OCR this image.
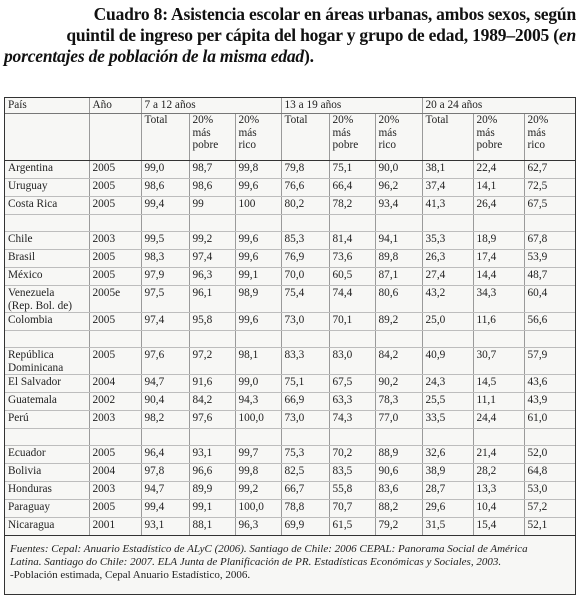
Cuadro 8: Asistencia escolar en áreas urbanas, ambos sexos, según
quintil de ingreso per cápita del hogar y grupo de edad, 1989–2005 (en
porcentajes de población de la misma edad).
País	Año	7 a 12 años			13 a 19 años			20 a 24 años		

		Total	20%
más
pobre	20%
más
rico	Total	20%
más
pobre	20%
más
rico	Total	20%
más
pobre	20%
más
rico

Argentina	2005	99,0	98,7	99,8	79,8	75,1	90,0	38,1	22,4	62,7

Uruguay	2005	98,6	98,6	99,6	76,6	66,4	96,2	37,4	14,1	72,5

Costa Rica	2005	99,4	99	100	80,2	78,2	93,4	41,3	26,4	67,5

Chile	2003	99,5	99,2	99,6	85,3	81,4	94,1	35,3	18,9	67,8

Brasil	2005	98,3	97,4	99,6	76,9	73,6	89,8	26,3	17,4	53,9

México	2005	97,9	96,3	99,1	70,0	60,5	87,1	27,4	14,4	48,7

Venezuela
(Rep. Bol. de)	2005e	97,5	96,1	98,9	75,4	74,4	80,6	43,2	34,3	60,4

Colombia	2005	97,4	95,8	99,6	73,0	70,1	89,2	25,0	11,6	56,6

República
Dominicana	2005	97,6	97,2	98,1	83,3	83,0	84,2	40,9	30,7	57,9

El Salvador	2004	94,7	91,6	99,0	75,1	67,5	90,2	24,3	14,5	43,6

Guatemala	2002	90,4	84,2	94,3	66,9	63,3	78,3	25,5	11,1	43,9

Perú	2003	98,2	97,6	100,0	73,0	74,3	77,0	33,5	24,4	61,0

Ecuador	2005	96,4	93,1	99,7	75,3	70,2	88,9	32,6	21,4	52,0

Bolivia	2004	97,8	96,6	99,8	82,5	83,5	90,6	38,9	28,2	64,8

Honduras	2003	94,7	89,9	99,2	66,7	55,8	83,6	28,7	13,3	53,0

Paraguay	2005	99,4	99,1	100,0	78,8	70,7	88,2	29,6	10,4	57,2

Nicaragua	2001	93,1	88,1	96,3	69,9	61,5	79,2	31,5	15,4	52,1
Fuentes: Cepal: Anuario Estadístico de ALyC (2006). Santiago de Chile: 2006 CEPAL: Panorama Social de América
Latina. Santiago do Chile: 2007. ELA Junta de Planificación de PR. Estadísticas Económicas y Sociales, 2003.
-Población estimada, Cepal Anuario Estadístico, 2006.
